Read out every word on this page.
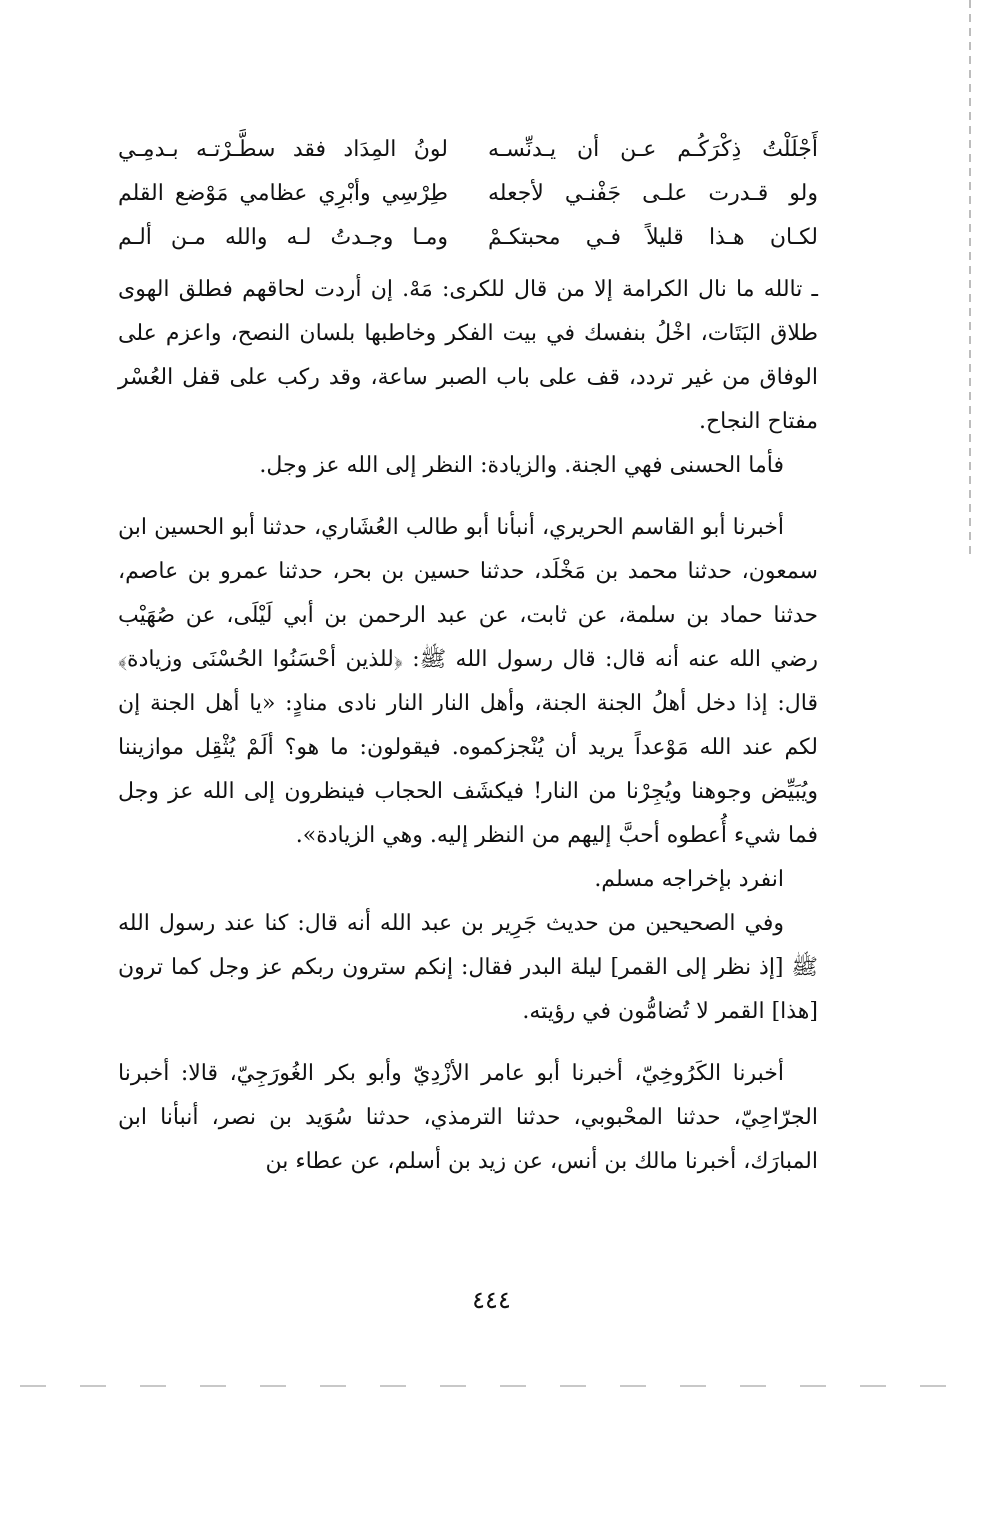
أَجْلَلْتُ ذِكْرَكُـم عـن أن يـدنِّسـه
لونُ المِدَاد فقد سطَّـرْتـه بـدمِـي
ولو قـدرت علـى جَفْنـي لأجعله
طِرْسِي وأبْرِي عظامي مَوْضع القلم
لكـان هـذا قليلاً فـي محبتكـمْ
ومـا وجـدتُ لـه والله مـن ألـم

ـ تالله ما نال الكرامة إلا من قال للكرى: مَهْ. إن أردت لحاقهم فطلق الهوى طلاق البَتَات، اخْلُ بنفسك في بيت الفكر وخاطبها بلسان النصح، واعزم على الوفاق من غير تردد، قف على باب الصبر ساعة، وقد ركب على قفل العُسْر مفتاح النجاح.

فأما الحسنى فهي الجنة. والزيادة: النظر إلى الله عز وجل.

أخبرنا أبو القاسم الحريري، أنبأنا أبو طالب العُشَاري، حدثنا أبو الحسين ابن سمعون، حدثنا محمد بن مَخْلَد، حدثنا حسين بن بحر، حدثنا عمرو بن عاصم، حدثنا حماد بن سلمة، عن ثابت، عن عبد الرحمن بن أبي لَيْلَى، عن صُهَيْب رضي الله عنه أنه قال: قال رسول الله ﷺ: ﴿للذين أحْسَنُوا الحُسْنَى وزيادة﴾ قال: إذا دخل أهلُ الجنة الجنة، وأهل النار النار نادى منادٍ: «يا أهل الجنة إن لكم عند الله مَوْعداً يريد أن يُنْجزكموه. فيقولون: ما هو؟ ألَمْ يُثْقِل موازيننا ويُبَيِّض وجوهنا ويُجِرْنا من النار! فيكشَف الحجاب فينظرون إلى الله عز وجل فما شيء أُعطوه أحبَّ إليهم من النظر إليه. وهي الزيادة».

انفرد بإخراجه مسلم.

وفي الصحيحين من حديث جَرِير بن عبد الله أنه قال: كنا عند رسول الله ﷺ [إذ نظر إلى القمر] ليلة البدر فقال: إنكم سترون ربكم عز وجل كما ترون [هذا] القمر لا تُضامُّون في رؤيته.

أخبرنا الكَرُوخِيّ، أخبرنا أبو عامر الأزْدِيّ وأبو بكر الغُورَجِيّ، قالا: أخبرنا الجرّاحِيّ، حدثنا المحْبوبي، حدثنا الترمذي، حدثنا سُوَيد بن نصر، أنبأنا ابن المبارَك، أخبرنا مالك بن أنس، عن زيد بن أسلم، عن عطاء بن

٤٤٤
